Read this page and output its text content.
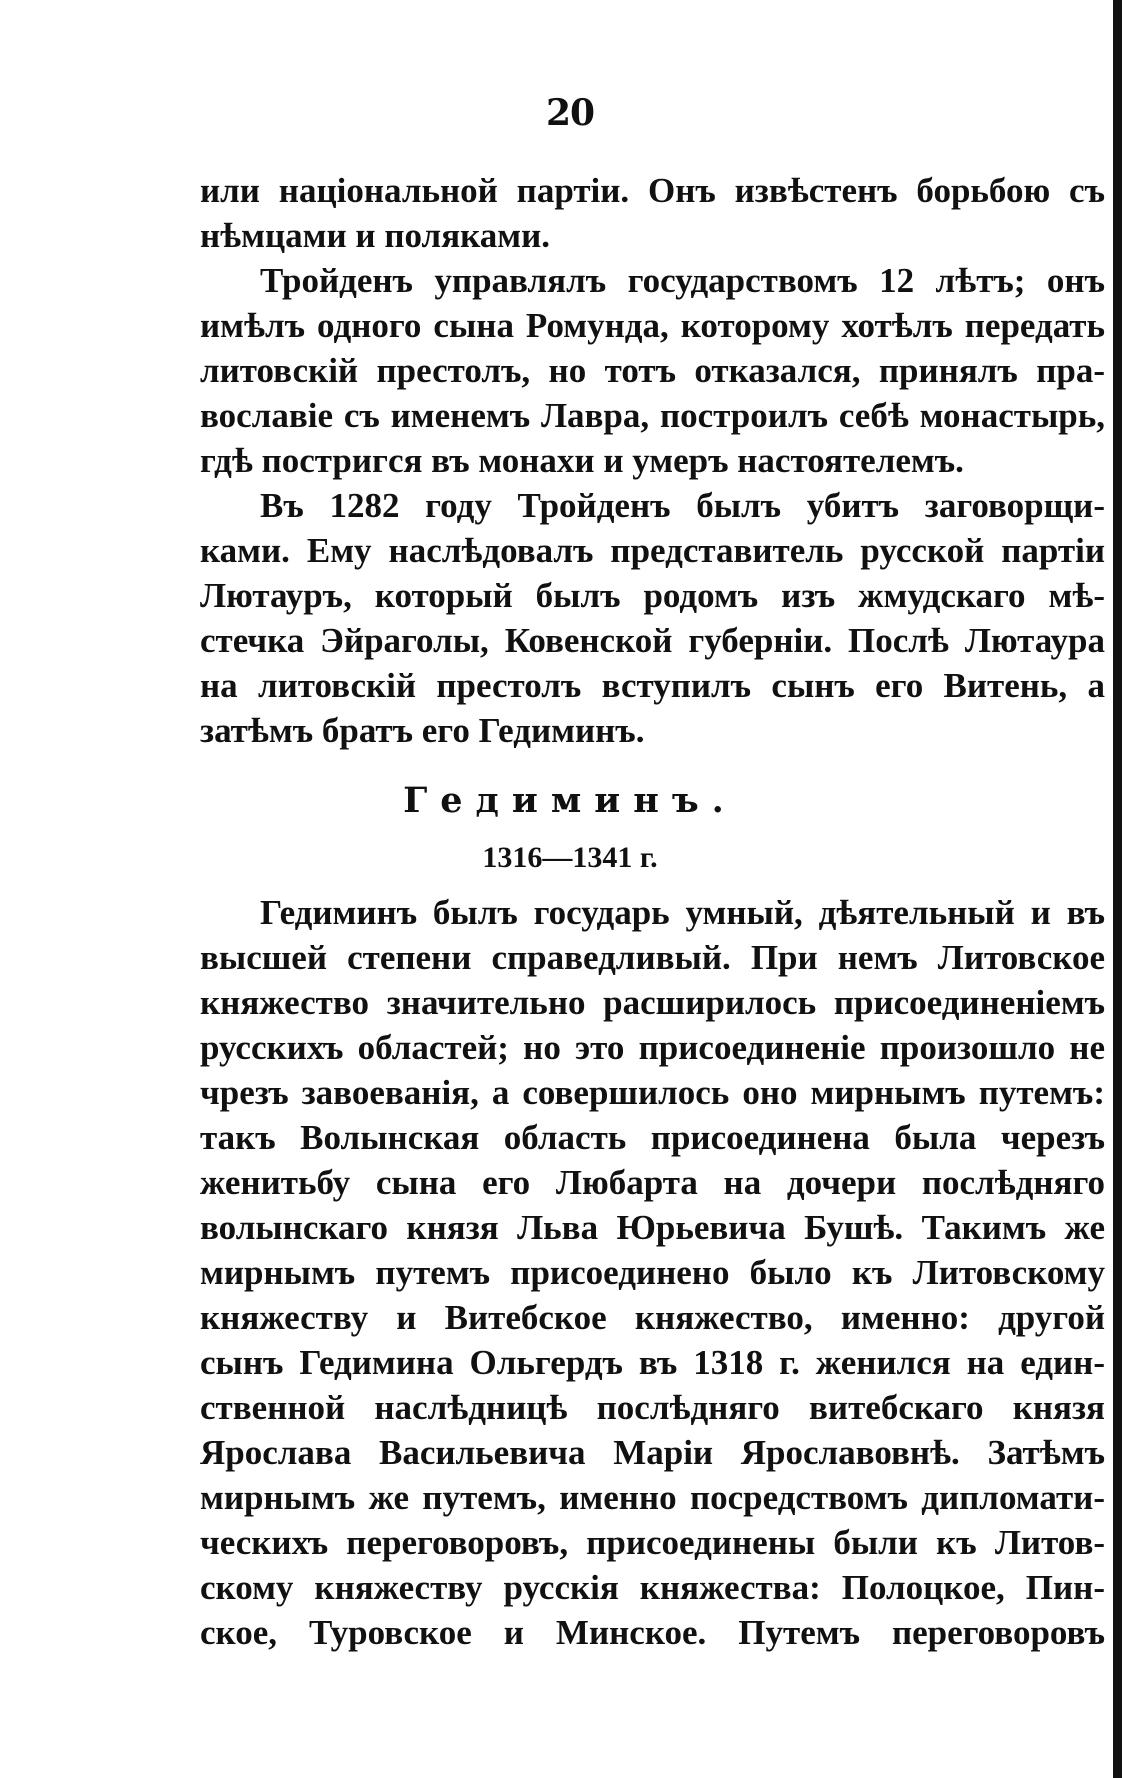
20
или національной партіи. Онъ извѣстенъ борьбою съ
нѣмцами и поляками.
Тройденъ управлялъ государствомъ 12 лѣтъ; онъ
имѣлъ одного сына Ромунда, которому хотѣлъ передать
литовскій престолъ, но тотъ отказался, принялъ пра-
вославіе съ именемъ Лавра, построилъ себѣ монастырь,
гдѣ постригся въ монахи и умеръ настоятелемъ.
Въ 1282 году Тройденъ былъ убитъ заговорщи-
ками. Ему наслѣдовалъ представитель русской партіи
Лютауръ, который былъ родомъ изъ жмудскаго мѣ-
стечка Эйраголы, Ковенской губерніи. Послѣ Лютаура
на литовскій престолъ вступилъ сынъ его Витень, а
затѣмъ братъ его Гедиминъ.
Гедиминъ.
1316—1341 г.
Гедиминъ былъ государь умный, дѣятельный и въ
высшей степени справедливый. При немъ Литовское
княжество значительно расширилось присоединеніемъ
русскихъ областей; но это присоединеніе произошло не
чрезъ завоеванія, а совершилось оно мирнымъ путемъ:
такъ Волынская область присоединена была черезъ
женитьбу сына его Любарта на дочери послѣдняго
волынскаго князя Льва Юрьевича Бушѣ. Такимъ же
мирнымъ путемъ присоединено было къ Литовскому
княжеству и Витебское княжество, именно: другой
сынъ Гедимина Ольгердъ въ 1318 г. женился на един-
ственной наслѣдницѣ послѣдняго витебскаго князя
Ярослава Васильевича Маріи Ярославовнѣ. Затѣмъ
мирнымъ же путемъ, именно посредствомъ дипломати-
ческихъ переговоровъ, присоединены были къ Литов-
скому княжеству русскія княжества: Полоцкое, Пин-
ское, Туровское и Минское. Путемъ переговоровъ
